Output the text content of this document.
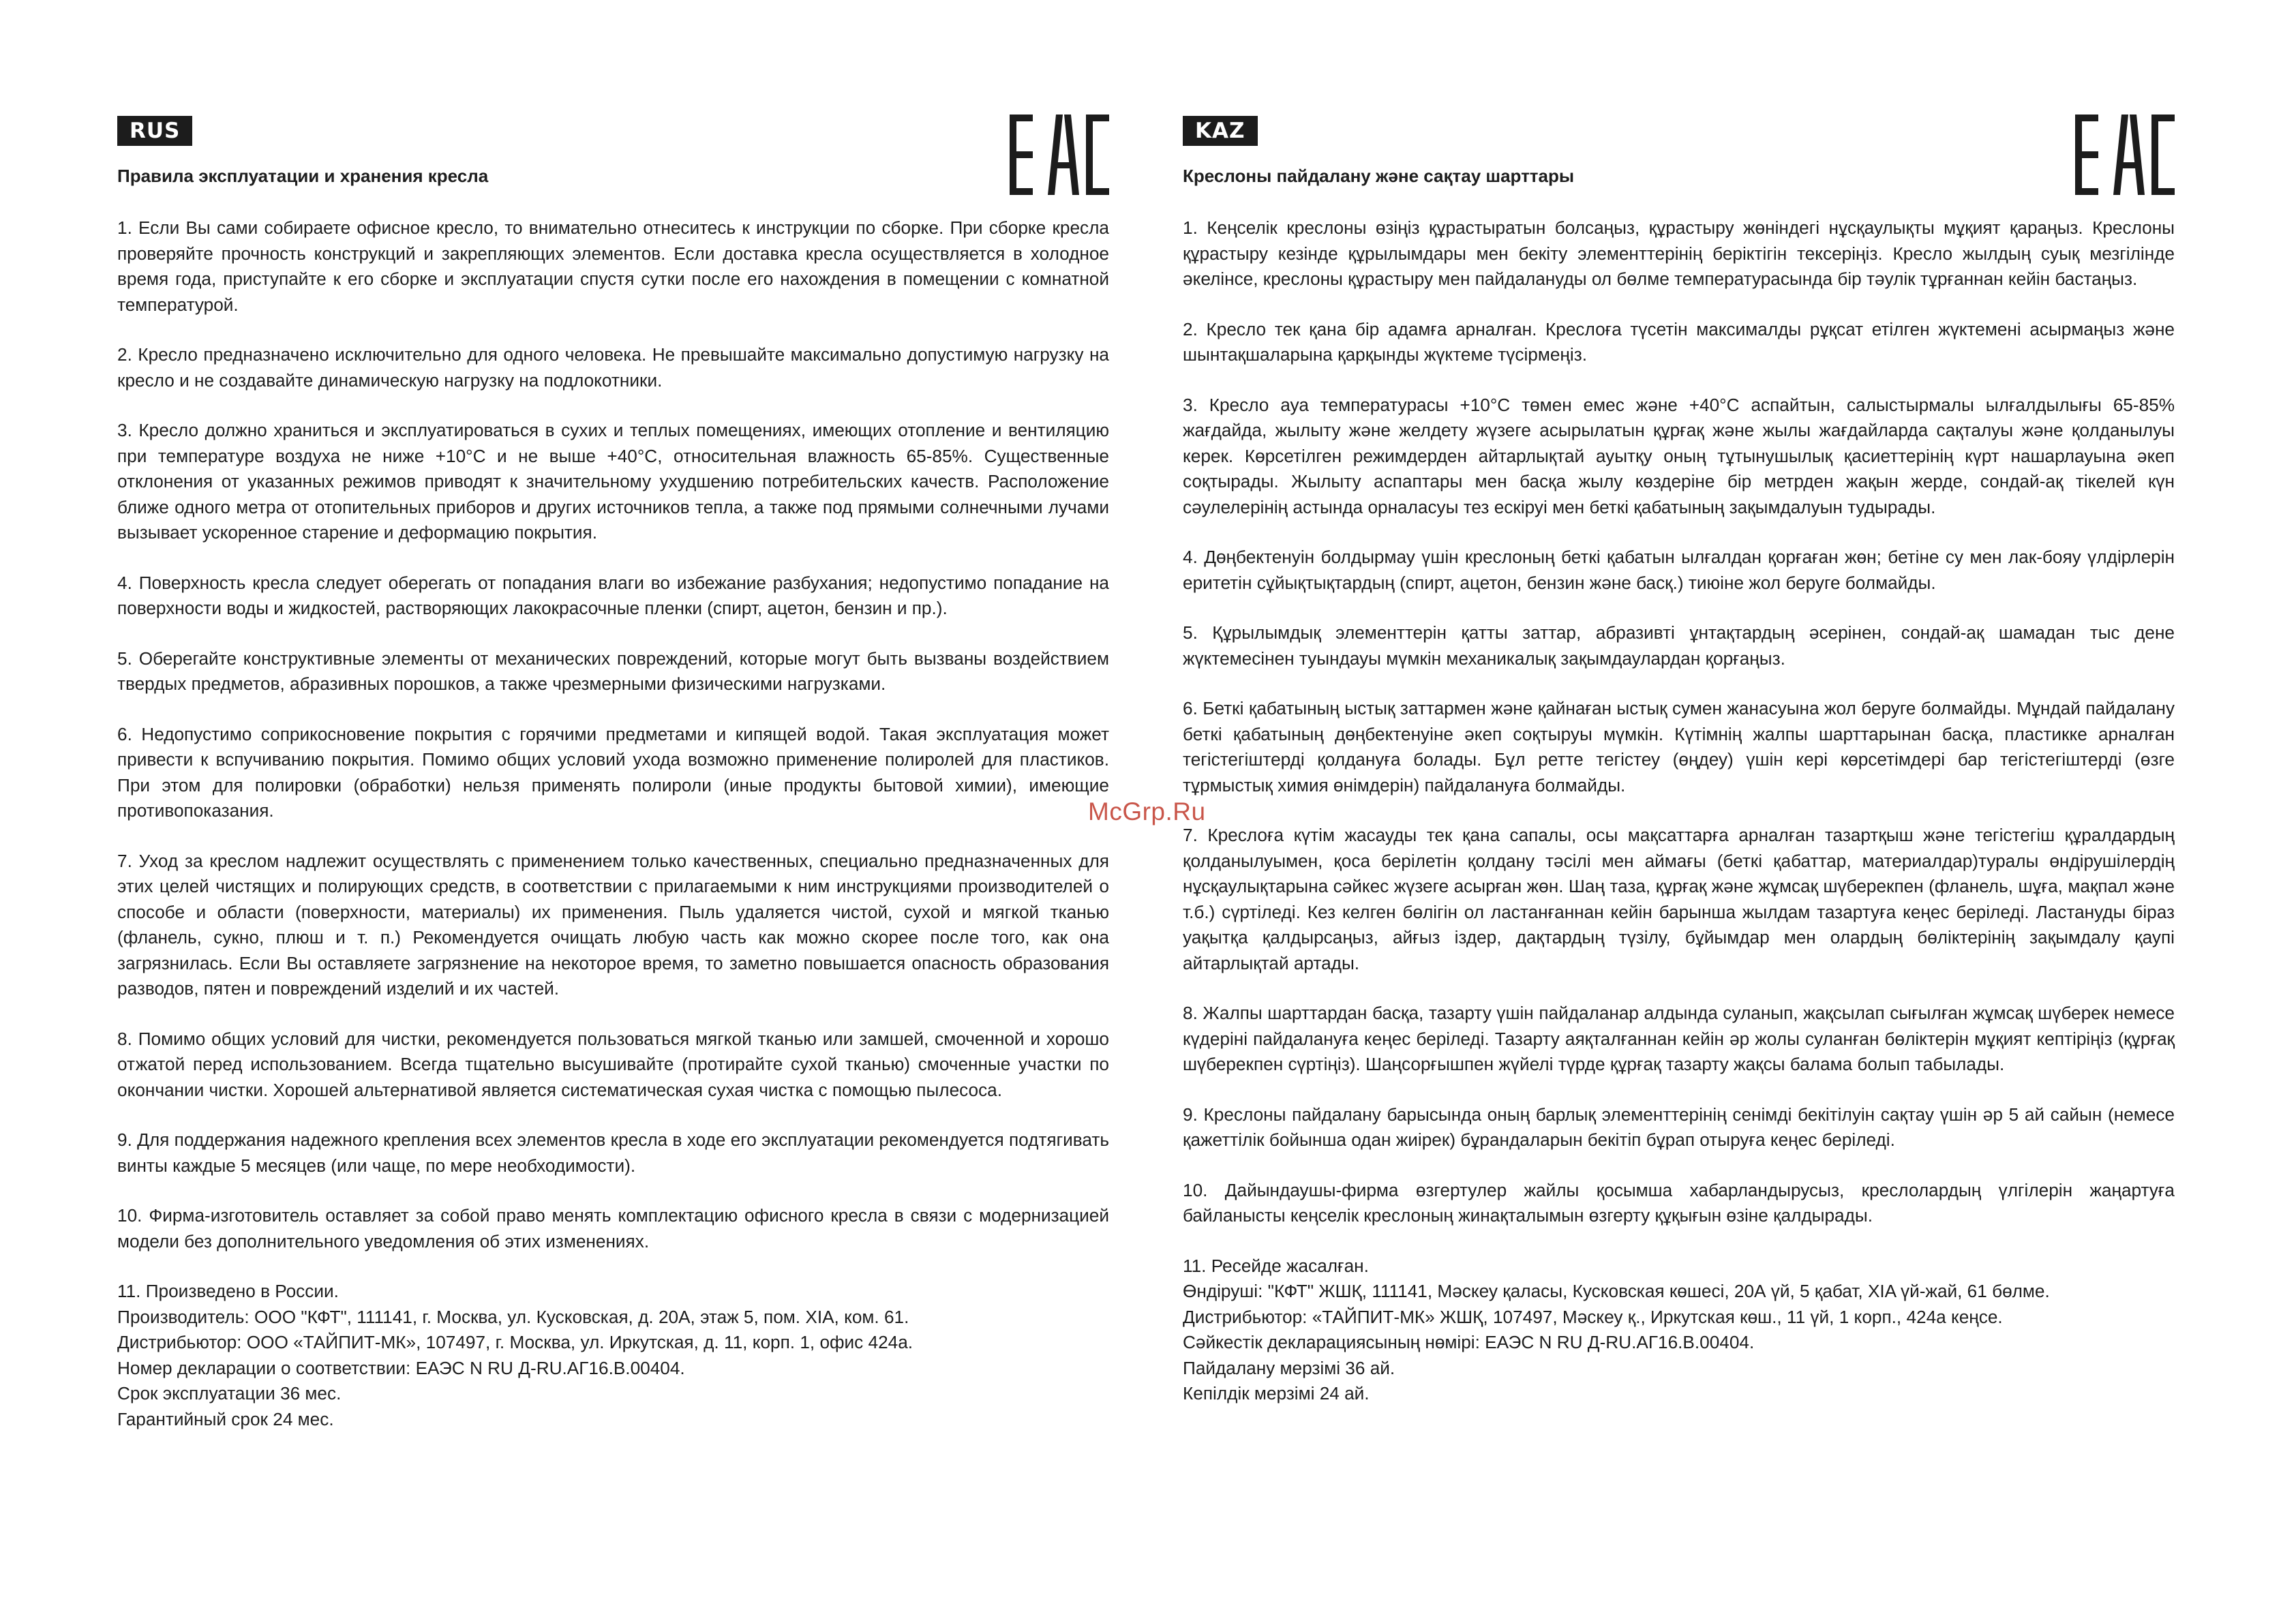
RUS
Правила эксплуатации и хранения кресла

1. Если Вы сами собираете офисное кресло, то внимательно отнеситесь к инструкции по сборке. При сборке кресла проверяйте прочность конструкций и закрепляющих элементов. Если доставка кресла осуществляется в холодное время года, приступайте к его сборке и эксплуатации спустя сутки после его нахождения в помещении с комнатной температурой.

2. Кресло предназначено исключительно для одного человека. Не превышайте максимально допустимую нагрузку на кресло и не создавайте динамическую нагрузку на подлокотники.

3. Кресло должно храниться и эксплуатироваться в сухих и теплых помещениях, имеющих отопление и вентиляцию при температуре воздуха не ниже +10°С и не выше +40°С, относительная влажность 65-85%. Существенные отклонения от указанных режимов приводят к значительному ухудшению потребительских качеств. Расположение ближе одного метра от отопительных приборов и других источников тепла, а также под прямыми солнечными лучами вызывает ускоренное старение и деформацию покрытия.

4. Поверхность кресла следует оберегать от попадания влаги во избежание разбухания; недопустимо попадание на поверхности воды и жидкостей, растворяющих лакокрасочные пленки (спирт, ацетон, бензин и пр.).

5. Оберегайте конструктивные элементы от механических повреждений, которые могут быть вызваны воздействием твердых предметов, абразивных порошков, а также чрезмерными физическими нагрузками.

6. Недопустимо соприкосновение покрытия с горячими предметами и кипящей водой. Такая эксплуатация может привести к вспучиванию покрытия. Помимо общих условий ухода возможно применение полиролей для пластиков. При этом для полировки (обработки) нельзя применять полироли (иные продукты бытовой химии), имеющие противопоказания.

7. Уход за креслом надлежит осуществлять с применением только качественных, специально предназначенных для этих целей чистящих и полирующих средств, в соответствии с прилагаемыми к ним инструкциями производителей о способе и области (поверхности, материалы) их применения. Пыль удаляется чистой, сухой и мягкой тканью (фланель, сукно, плюш и т. п.) Рекомендуется очищать любую часть как можно скорее после того, как она загрязнилась. Если Вы оставляете загрязнение на некоторое время, то заметно повышается опасность образования разводов, пятен и повреждений изделий и их частей.

8. Помимо общих условий для чистки, рекомендуется пользоваться мягкой тканью или замшей, смоченной и хорошо отжатой перед использованием. Всегда тщательно высушивайте (протирайте сухой тканью) смоченные участки по окончании чистки. Хорошей альтернативой является систематическая сухая чистка с помощью пылесоса.

9. Для поддержания надежного крепления всех элементов кресла в ходе его эксплуатации рекомендуется подтягивать винты каждые 5 месяцев (или чаще, по мере необходимости).

10. Фирма-изготовитель оставляет за собой право менять комплектацию офисного кресла в связи с модернизацией модели без дополнительного уведомления об этих изменениях.

11. Произведено в России.
Производитель: ООО "КФТ", 111141, г. Москва, ул. Кусковская, д. 20А, этаж 5, пом. XIA, ком. 61.
Дистрибьютор: ООО «ТАЙПИТ-МК», 107497, г. Москва, ул. Иркутская, д. 11, корп. 1, офис 424а.
Номер декларации о соответствии: ЕАЭС N RU Д-RU.АГ16.В.00404.
Срок эксплуатации 36 мес.
Гарантийный срок 24 мес.
KAZ
Креслоны пайдалану және сақтау шарттары

1. Кеңселік креслоны өзіңіз құрастыратын болсаңыз, құрастыру жөніндегі нұсқаулықты мұқият қараңыз. Креслоны құрастыру кезінде құрылымдары мен бекіту элементтерінің беріктігін тексеріңіз. Кресло жылдың суық мезгілінде әкелінсе, креслоны құрастыру мен пайдалануды ол бөлме температурасында бір тәулік тұрғаннан кейін бастаңыз.

2. Кресло тек қана бір адамға арналған. Креслоға түсетін максималды рұқсат етілген жүктемені асырмаңыз және шынтақшаларына қарқынды жүктеме түсірмеңіз.

3. Кресло ауа температурасы +10°С төмен емес және +40°С аспайтын, салыстырмалы ылғалдылығы 65-85% жағдайда, жылыту және желдету жүзеге асырылатын құрғақ және жылы жағдайларда сақталуы және қолданылуы керек. Көрсетілген режимдерден айтарлықтай ауытқу оның тұтынушылық қасиеттерінің күрт нашарлауына әкеп соқтырады. Жылыту аспаптары мен басқа жылу көздеріне бір метрден жақын жерде, сондай-ақ тікелей күн сәулелерінің астында орналасуы тез ескіруі мен беткі қабатының зақымдалуын тудырады.

4. Дөңбектенуін болдырмау үшін креслоның беткі қабатын ылғалдан қорғаған жөн; бетіне су мен лак-бояу үлдірлерін еритетін сұйықтықтардың (спирт, ацетон, бензин және басқ.) тиюіне жол беруге болмайды.

5. Құрылымдық элементтерін қатты заттар, абразивті ұнтақтардың әсерінен, сондай-ақ шамадан тыс дене жүктемесінен туындауы мүмкін механикалық зақымдаулардан қорғаңыз.

6. Беткі қабатының ыстық заттармен және қайнаған ыстық сумен жанасуына жол беруге болмайды. Мұндай пайдалану беткі қабатының дөңбектенуіне әкеп соқтыруы мүмкін. Күтімнің жалпы шарттарынан басқа, пластикке арналған тегістегіштерді қолдануға болады. Бұл ретте тегістеу (өңдеу) үшін кері көрсетімдері бар тегістегіштерді (өзге тұрмыстық химия өнімдерін) пайдалануға болмайды.

7. Креслоға күтім жасауды тек қана сапалы, осы мақсаттарға арналған тазартқыш және тегістегіш құралдардың қолданылуымен, қоса берілетін қолдану тәсілі мен аймағы (беткі қабаттар, материалдар)туралы өндірушілердің нұсқаулықтарына сәйкес жүзеге асырған жөн. Шаң таза, құрғақ және жұмсақ шүберекпен (фланель, шұға, мақпал және т.б.) сүртіледі. Кез келген бөлігін ол ластанғаннан кейін барынша жылдам тазартуға кеңес беріледі. Ластануды біраз уақытқа қалдырсаңыз, айғыз іздер, дақтардың түзілу, бұйымдар мен олардың бөліктерінің зақымдалу қаупі айтарлықтай артады.

8. Жалпы шарттардан басқа, тазарту үшін пайдаланар алдында суланып, жақсылап сығылған жұмсақ шүберек немесе күдеріні пайдалануға кеңес беріледі. Тазарту аяқталғаннан кейін әр жолы суланған бөліктерін мұқият кептіріңіз (құрғақ шүберекпен сүртіңіз). Шаңсорғышпен жүйелі түрде құрғақ тазарту жақсы балама болып табылады.

9. Креслоны пайдалану барысында оның барлық элементтерінің сенімді бекітілуін сақтау үшін әр 5 ай сайын (немесе қажеттілік бойынша одан жиірек) бұрандаларын бекітіп бұрап отыруға кеңес беріледі.

10. Дайындаушы-фирма өзгертулер жайлы қосымша хабарландырусыз, креслолардың үлгілерін жаңартуға байланысты кеңселік креслоның жинақталымын өзгерту құқығын өзіне қалдырады.

11. Ресейде жасалған.
Өндіруші: "КФТ" ЖШҚ, 111141, Мәскеу қаласы, Кусковская көшесі, 20А үй, 5 қабат, XIA үй-жай, 61 бөлме.
Дистрибьютор: «ТАЙПИТ-МК» ЖШҚ, 107497, Мәскеу қ., Иркутская көш., 11 үй, 1 корп., 424а кеңсе.
Сәйкестік декларациясының нөмірі: ЕАЭС N RU Д-RU.АГ16.В.00404.
Пайдалану мерзімі 36 ай.
Кепілдік мерзімі 24 ай.
McGrp.Ru
